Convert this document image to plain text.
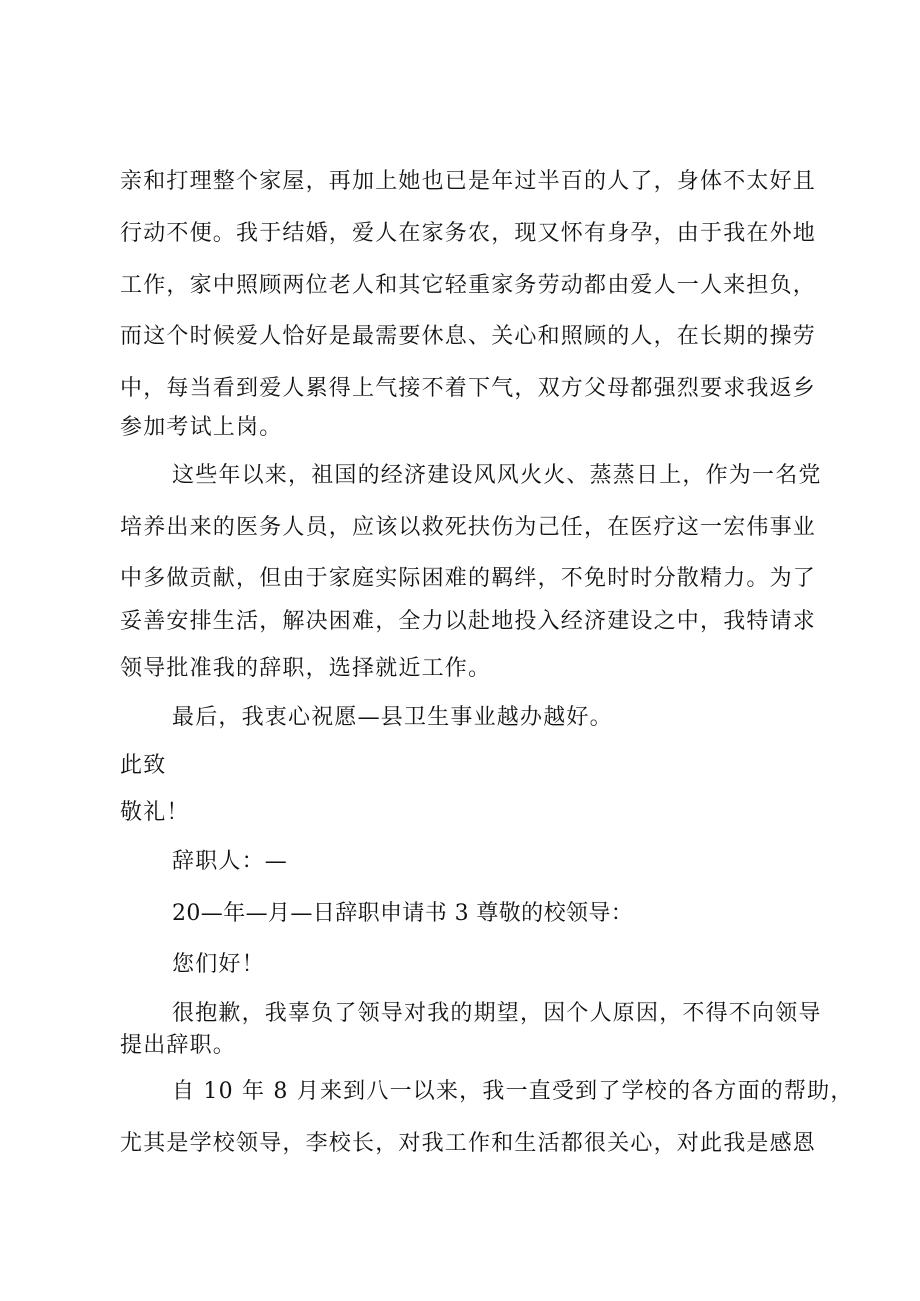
亲和打理整个家屋，再加上她也已是年过半百的人了，身体不太好且
行动不便。我于结婚，爱人在家务农，现又怀有身孕，由于我在外地
工作，家中照顾两位老人和其它轻重家务劳动都由爱人一人来担负，
而这个时候爱人恰好是最需要休息、关心和照顾的人，在长期的操劳
中，每当看到爱人累得上气接不着下气，双方父母都强烈要求我返乡
参加考试上岗。
这些年以来，祖国的经济建设风风火火、蒸蒸日上，作为一名党
培养出来的医务人员，应该以救死扶伤为己任，在医疗这一宏伟事业
中多做贡献，但由于家庭实际困难的羁绊，不免时时分散精力。为了
妥善安排生活，解决困难，全力以赴地投入经济建设之中，我特请求
领导批准我的辞职，选择就近工作。
最后，我衷心祝愿—县卫生事业越办越好。
此致
敬礼！
辞职人：—
20—年—月—日辞职申请书 3 尊敬的校领导：
您们好！
很抱歉，我辜负了领导对我的期望，因个人原因，不得不向领导
提出辞职。
自 10 年 8 月来到八一以来，我一直受到了学校的各方面的帮助，
尤其是学校领导，李校长，对我工作和生活都很关心，对此我是感恩
